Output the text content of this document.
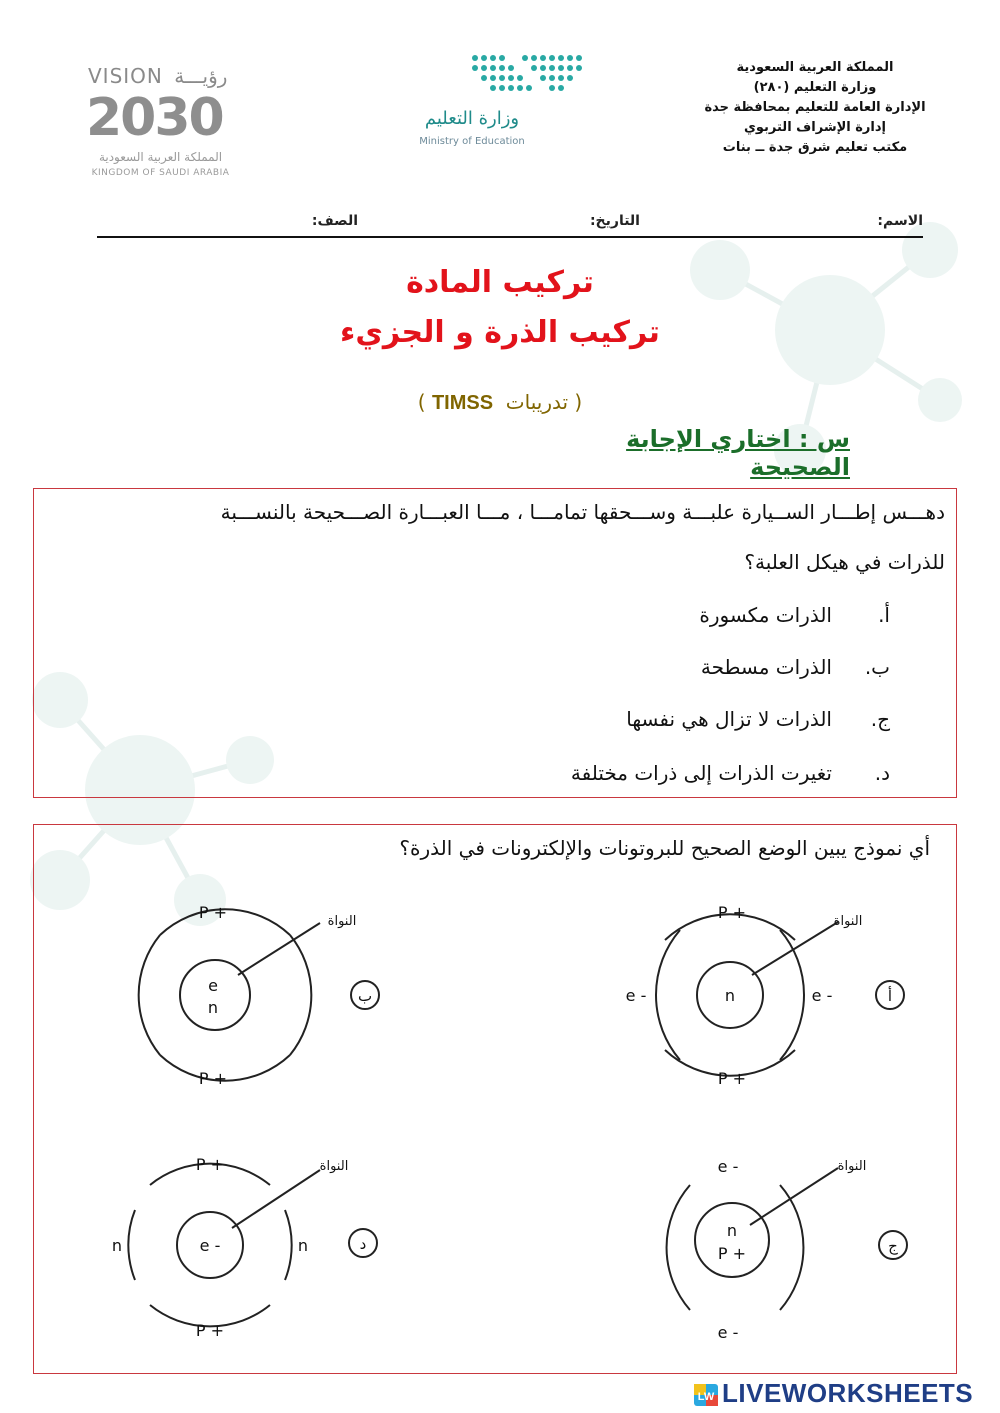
المملكة العربية السعودية
وزارة التعليم (٢٨٠)
الإدارة العامة للتعليم بمحافظة جدة
إدارة الإشراف التربوي
مكتب تعليم شرق جدة ــ بنات
وزارة التعليم
Ministry of Education
VISION رؤيـــة
2030
المملكة العربية السعودية
KINGDOM OF SAUDI ARABIA
الاسم:
التاريخ:
الصف:
تركيب المادة
تركيب الذرة و الجزيء
( تدريبات  TIMSS )
س : اختاري الإجابة الصحيحة
دهـــس إطـــار الســيارة علبـــة وســـحقها تمامـــا ، مـــا العبـــارة الصـــحيحة بالنســـبة
للذرات في هيكل العلبة؟
أ.الذرات مكسورة
ب.الذرات مسطحة
ج.الذرات لا تزال هي نفسها
د.تغيرت الذرات إلى ذرات مختلفة
أي نموذج يبين الوضع الصحيح للبروتونات والإلكترونات في الذرة؟
P +
P +
e -	e -
n
النواة
أ
P +
P +
e
n
النواة
ب
e -
e -
n
P +
النواة
ج
P +
P +
n	n
e -
النواة
د
LW LIVEWORKSHEETS
